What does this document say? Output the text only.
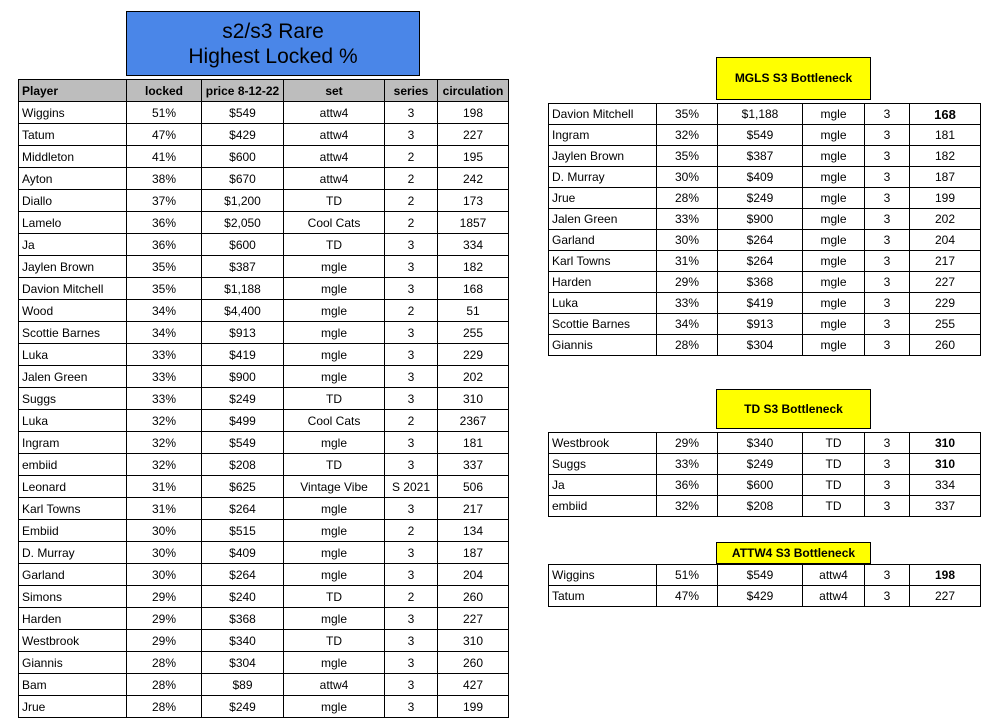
s2/s3 Rare
Highest Locked %
Player	locked	price 8-12-22	set	series	circulation
Wiggins	51%	$549	attw4	3	198
Tatum	47%	$429	attw4	3	227
Middleton	41%	$600	attw4	2	195
Ayton	38%	$670	attw4	2	242
Diallo	37%	$1,200	TD	2	173
Lamelo	36%	$2,050	Cool Cats	2	1857
Ja	36%	$600	TD	3	334
Jaylen Brown	35%	$387	mgle	3	182
Davion Mitchell	35%	$1,188	mgle	3	168
Wood	34%	$4,400	mgle	2	51
Scottie Barnes	34%	$913	mgle	3	255
Luka	33%	$419	mgle	3	229
Jalen Green	33%	$900	mgle	3	202
Suggs	33%	$249	TD	3	310
Luka	32%	$499	Cool Cats	2	2367
Ingram	32%	$549	mgle	3	181
embiid	32%	$208	TD	3	337
Leonard	31%	$625	Vintage Vibe	S 2021	506
Karl Towns	31%	$264	mgle	3	217
Embiid	30%	$515	mgle	2	134
D. Murray	30%	$409	mgle	3	187
Garland	30%	$264	mgle	3	204
Simons	29%	$240	TD	2	260
Harden	29%	$368	mgle	3	227
Westbrook	29%	$340	TD	3	310
Giannis	28%	$304	mgle	3	260
Bam	28%	$89	attw4	3	427
Jrue	28%	$249	mgle	3	199
MGLS S3 Bottleneck
Davion Mitchell	35%	$1,188	mgle	3	168
Ingram	32%	$549	mgle	3	181
Jaylen Brown	35%	$387	mgle	3	182
D. Murray	30%	$409	mgle	3	187
Jrue	28%	$249	mgle	3	199
Jalen Green	33%	$900	mgle	3	202
Garland	30%	$264	mgle	3	204
Karl Towns	31%	$264	mgle	3	217
Harden	29%	$368	mgle	3	227
Luka	33%	$419	mgle	3	229
Scottie Barnes	34%	$913	mgle	3	255
Giannis	28%	$304	mgle	3	260
TD S3 Bottleneck
Westbrook	29%	$340	TD	3	310
Suggs	33%	$249	TD	3	310
Ja	36%	$600	TD	3	334
embiid	32%	$208	TD	3	337
ATTW4 S3 Bottleneck
Wiggins	51%	$549	attw4	3	198
Tatum	47%	$429	attw4	3	227
